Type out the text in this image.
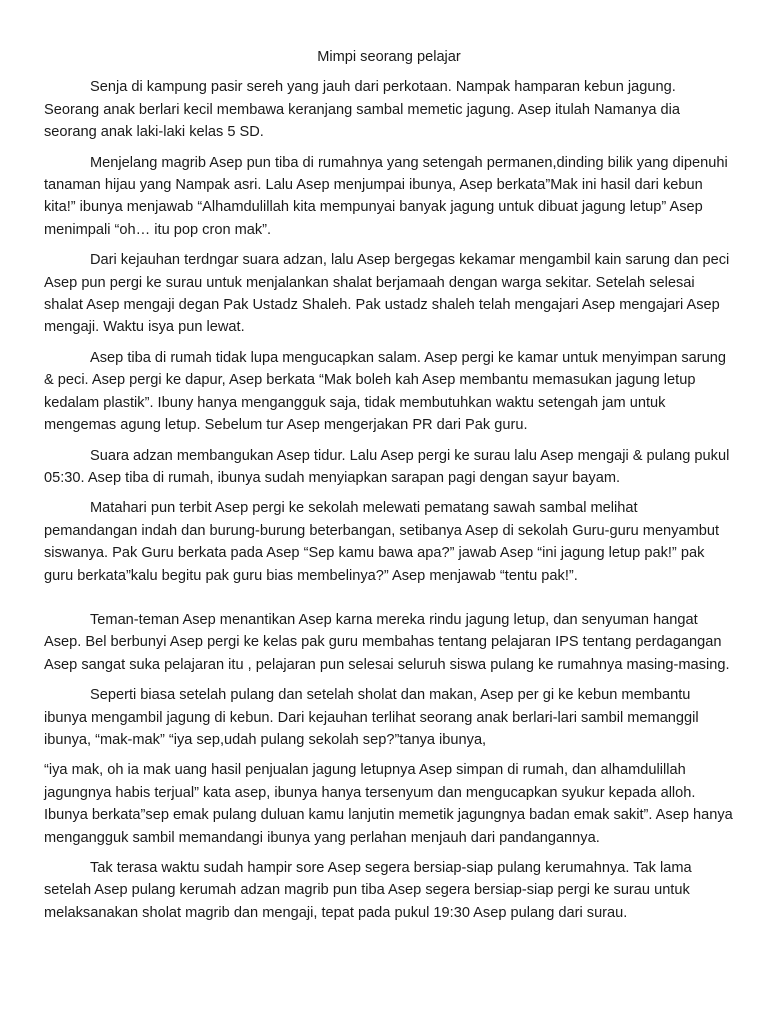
Mimpi seorang pelajar

Senja di kampung pasir sereh yang jauh dari perkotaan. Nampak hamparan kebun jagung. Seorang anak berlari kecil membawa keranjang sambal memetic jagung. Asep itulah Namanya dia seorang anak laki-laki kelas 5 SD.

Menjelang magrib Asep pun tiba di rumahnya yang setengah permanen,dinding bilik yang dipenuhi tanaman hijau yang Nampak asri. Lalu Asep menjumpai ibunya, Asep berkata”Mak ini hasil dari kebun kita!” ibunya menjawab “Alhamdulillah kita mempunyai banyak jagung untuk dibuat jagung letup” Asep menimpali “oh… itu pop cron mak”.

Dari kejauhan terdngar suara adzan, lalu Asep bergegas kekamar mengambil kain sarung dan peci Asep pun pergi ke surau untuk menjalankan shalat berjamaah dengan warga sekitar. Setelah selesai shalat Asep mengaji degan Pak Ustadz Shaleh. Pak ustadz shaleh telah mengajari Asep mengajari Asep mengaji. Waktu isya pun lewat.

Asep tiba di rumah tidak lupa mengucapkan salam. Asep pergi ke kamar untuk menyimpan sarung & peci. Asep pergi ke dapur, Asep berkata “Mak boleh kah Asep membantu memasukan jagung letup kedalam plastik”. Ibuny hanya mengangguk saja, tidak membutuhkan waktu setengah jam untuk mengemas agung letup. Sebelum tur Asep mengerjakan PR dari Pak guru.

Suara adzan membangukan Asep tidur. Lalu Asep pergi ke surau lalu Asep mengaji & pulang pukul 05:30. Asep tiba di rumah, ibunya sudah menyiapkan sarapan pagi dengan sayur bayam.

Matahari pun terbit Asep pergi ke sekolah melewati pematang sawah sambal melihat pemandangan indah dan burung-burung beterbangan, setibanya Asep di sekolah Guru-guru menyambut siswanya. Pak Guru berkata pada Asep “Sep kamu bawa apa?” jawab Asep “ini jagung letup pak!” pak guru berkata”kalu begitu pak guru bias membelinya?” Asep menjawab “tentu pak!”.

Teman-teman Asep menantikan Asep karna mereka rindu jagung letup, dan senyuman hangat Asep. Bel berbunyi Asep pergi ke kelas pak guru membahas tentang pelajaran IPS tentang perdagangan Asep sangat suka pelajaran itu , pelajaran pun selesai seluruh siswa pulang ke rumahnya masing-masing.

Seperti biasa setelah pulang dan setelah sholat dan makan, Asep per gi ke kebun membantu ibunya mengambil jagung di kebun. Dari kejauhan terlihat seorang anak berlari-lari sambil memanggil ibunya, “mak-mak” “iya sep,udah pulang sekolah sep?”tanya ibunya,

“iya mak, oh ia mak uang hasil penjualan jagung letupnya Asep simpan di rumah, dan alhamdulillah jagungnya habis terjual” kata asep, ibunya hanya tersenyum dan mengucapkan syukur kepada alloh. Ibunya berkata”sep emak pulang duluan kamu lanjutin memetik jagungnya badan emak sakit”. Asep hanya mengangguk sambil memandangi ibunya yang perlahan menjauh dari pandangannya.

Tak terasa waktu sudah hampir sore Asep segera bersiap-siap pulang kerumahnya. Tak lama setelah Asep pulang kerumah adzan magrib pun tiba Asep segera bersiap-siap pergi ke surau untuk melaksanakan sholat magrib dan mengaji, tepat pada pukul 19:30 Asep pulang dari surau.
